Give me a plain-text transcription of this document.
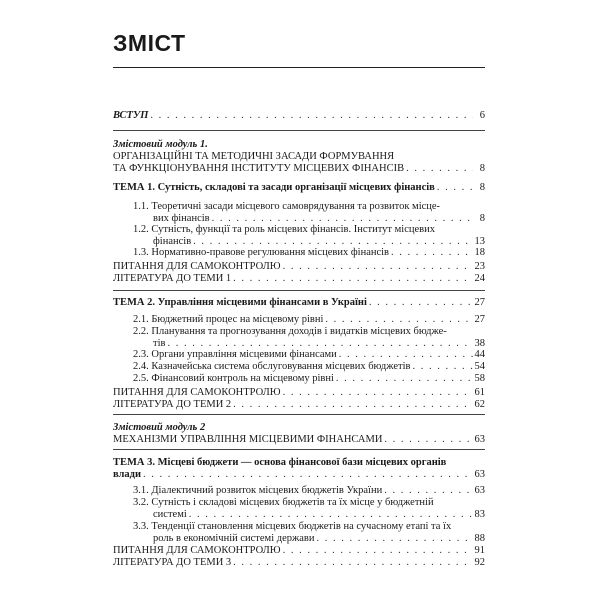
ЗМІСТ
ВСТУП . . .	6
Змістовий модуль 1.
ОРГАНІЗАЦІЙНІ ТА МЕТОДИЧНІ ЗАСАДИ ФОРМУВАННЯ
ТА ФУНКЦІОНУВАННЯ ІНСТИТУТУ МІСЦЕВИХ ФІНАНСІВ . . .	8
ТЕМА 1. Сутність, складові та засади організації місцевих фінансів . . .	8
1.1. Теоретичні засади місцевого самоврядування та розвиток місце-
вих фінансів . . .	8
1.2. Сутність, функції та роль місцевих фінансів. Інститут місцевих
фінансів . . .	13
1.3. Нормативно-правове регулювання місцевих фінансів . . .	18
ПИТАННЯ ДЛЯ САМОКОНТРОЛЮ . . .	23
ЛІТЕРАТУРА ДО ТЕМИ 1 . . .	24
ТЕМА 2. Управління місцевими фінансами в Україні . . .	27
2.1. Бюджетний процес на місцевому рівні . . .	27
2.2. Планування та прогнозування доходів і видатків місцевих бюдже-
тів . . .	38
2.3. Органи управління місцевими фінансами . . .	44
2.4. Казначейська система обслуговування місцевих бюджетів . . .	54
2.5. Фінансовий контроль на місцевому рівні . . .	58
ПИТАННЯ ДЛЯ САМОКОНТРОЛЮ . . .	61
ЛІТЕРАТУРА ДО ТЕМИ 2 . . .	62
Змістовий модуль 2
МЕХАНІЗМИ УПРАВЛІННЯ МІСЦЕВИМИ ФІНАНСАМИ . . .	63
ТЕМА 3. Місцеві бюджети — основа фінансової бази місцевих органів
влади . . .	63
3.1. Діалектичний розвиток місцевих бюджетів України . . .	63
3.2. Сутність і складові місцевих бюджетів та їх місце у бюджетній
системі . . .	83
3.3. Тенденції становлення місцевих бюджетів на сучасному етапі та їх
роль в економічній системі держави . . .	88
ПИТАННЯ ДЛЯ САМОКОНТРОЛЮ . . .	91
ЛІТЕРАТУРА ДО ТЕМИ 3 . . .	92
